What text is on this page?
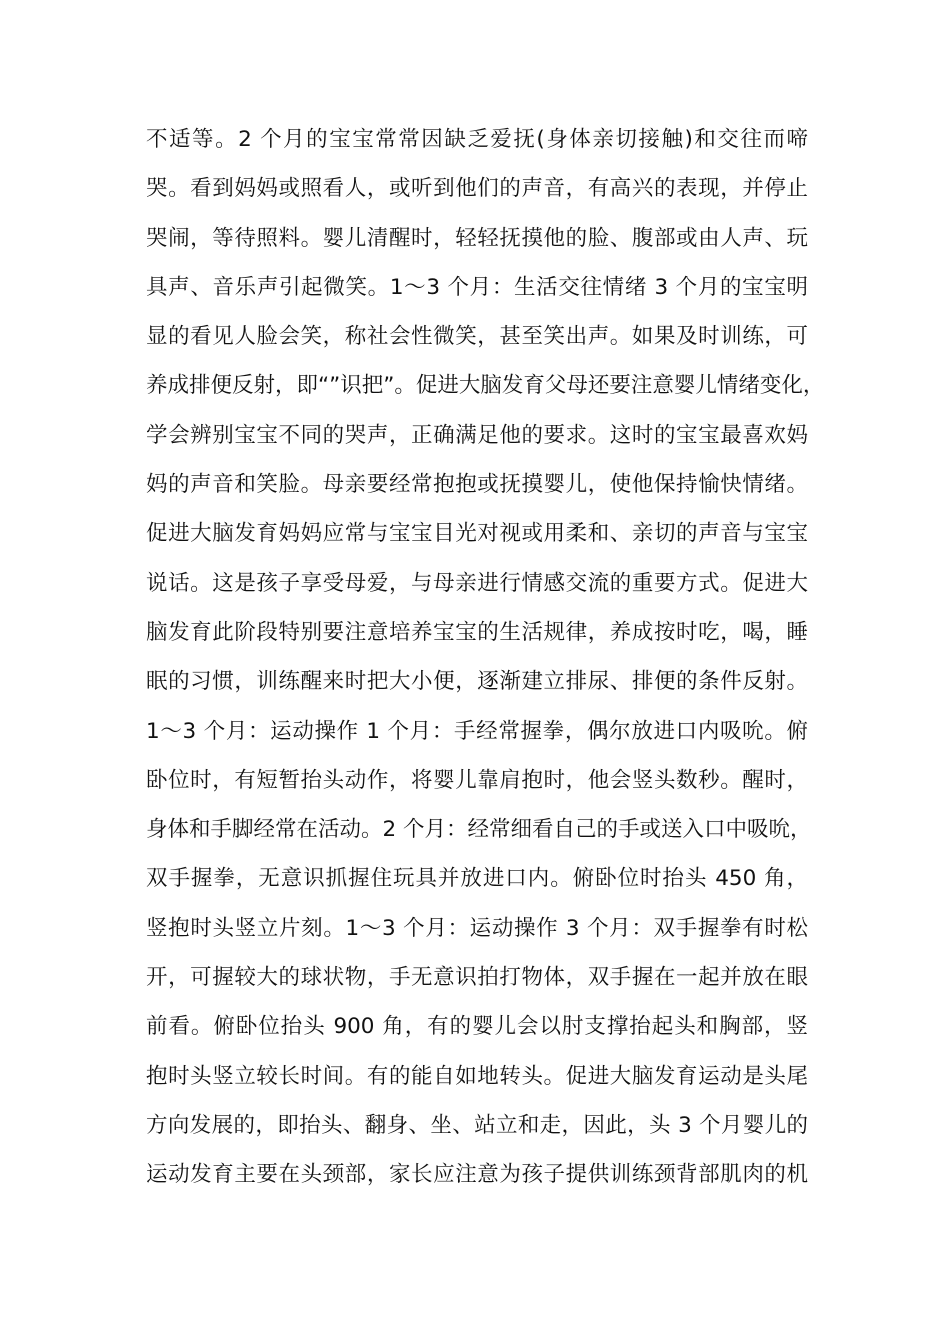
不适等。2 个月的宝宝常常因缺乏爱抚(身体亲切接触)和交往而啼
哭。看到妈妈或照看人，或听到他们的声音，有高兴的表现，并停止
哭闹，等待照料。婴儿清醒时，轻轻抚摸他的脸、腹部或由人声、玩
具声、音乐声引起微笑。1～3 个月：生活交往情绪 3 个月的宝宝明
显的看见人脸会笑，称社会性微笑，甚至笑出声。如果及时训练，可
养成排便反射，即“”识把”。促进大脑发育父母还要注意婴儿情绪变化，
学会辨别宝宝不同的哭声，正确满足他的要求。这时的宝宝最喜欢妈
妈的声音和笑脸。母亲要经常抱抱或抚摸婴儿，使他保持愉快情绪。
促进大脑发育妈妈应常与宝宝目光对视或用柔和、亲切的声音与宝宝
说话。这是孩子享受母爱，与母亲进行情感交流的重要方式。促进大
脑发育此阶段特别要注意培养宝宝的生活规律，养成按时吃，喝，睡
眠的习惯，训练醒来时把大小便，逐渐建立排尿、排便的条件反射。
1～3 个月：运动操作 1 个月：手经常握拳，偶尔放进口内吸吮。俯
卧位时，有短暂抬头动作，将婴儿靠肩抱时，他会竖头数秒。醒时，
身体和手脚经常在活动。2 个月：经常细看自己的手或送入口中吸吮，
双手握拳，无意识抓握住玩具并放进口内。俯卧位时抬头 450 角，
竖抱时头竖立片刻。1～3 个月：运动操作 3 个月：双手握拳有时松
开，可握较大的球状物，手无意识拍打物体，双手握在一起并放在眼
前看。俯卧位抬头 900 角，有的婴儿会以肘支撑抬起头和胸部，竖
抱时头竖立较长时间。有的能自如地转头。促进大脑发育运动是头尾
方向发展的，即抬头、翻身、坐、站立和走，因此，头 3 个月婴儿的
运动发育主要在头颈部，家长应注意为孩子提供训练颈背部肌肉的机
